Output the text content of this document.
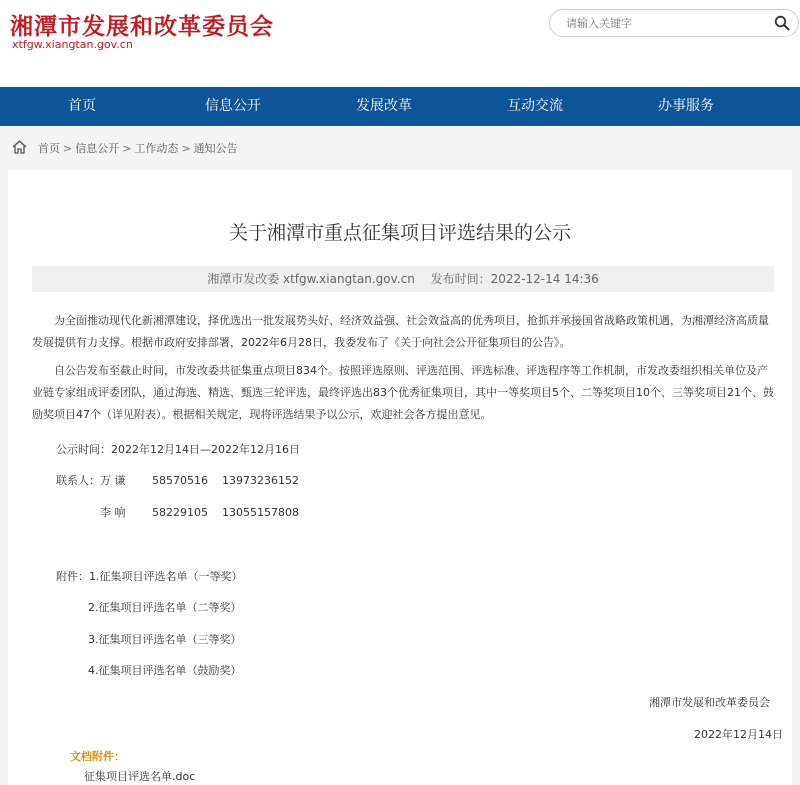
湘潭市发展和改革委员会
xtfgw.xiangtan.gov.cn
请输入关键字
首页	信息公开	发展改革	互动交流	办事服务
首页 > 信息公开 > 工作动态 > 通知公告
关于湘潭市重点征集项目评选结果的公示
湘潭市发改委 xtfgw.xiangtan.gov.cn 发布时间：2022-12-14 14:36
为全面推动现代化新湘潭建设，择优选出一批发展势头好、经济效益强、社会效益高的优秀项目，抢抓并承接国省战略政策机遇，为湘潭经济高质量发展提供有力支撑。根据市政府安排部署，2022年6月28日，我委发布了《关于向社会公开征集项目的公告》。
自公告发布至截止时间，市发改委共征集重点项目834个。按照评选原则、评选范围、评选标准、评选程序等工作机制，市发改委组织相关单位及产业链专家组成评委团队，通过海选、精选、甄选三轮评选，最终评选出83个优秀征集项目，其中一等奖项目5个、二等奖项目10个、三等奖项目21个、鼓励奖项目47个（详见附表）。根据相关规定，现将评选结果予以公示，欢迎社会各方提出意见。
公示时间：2022年12月14日—2022年12月16日
联系人：万 谦 58570516 13973236152
李 响 58229105 13055157808
附件：1.征集项目评选名单（一等奖）
2.征集项目评选名单（二等奖）
3.征集项目评选名单（三等奖）
4.征集项目评选名单（鼓励奖）
湘潭市发展和改革委员会
2022年12月14日
文档附件：
征集项目评选名单.doc
